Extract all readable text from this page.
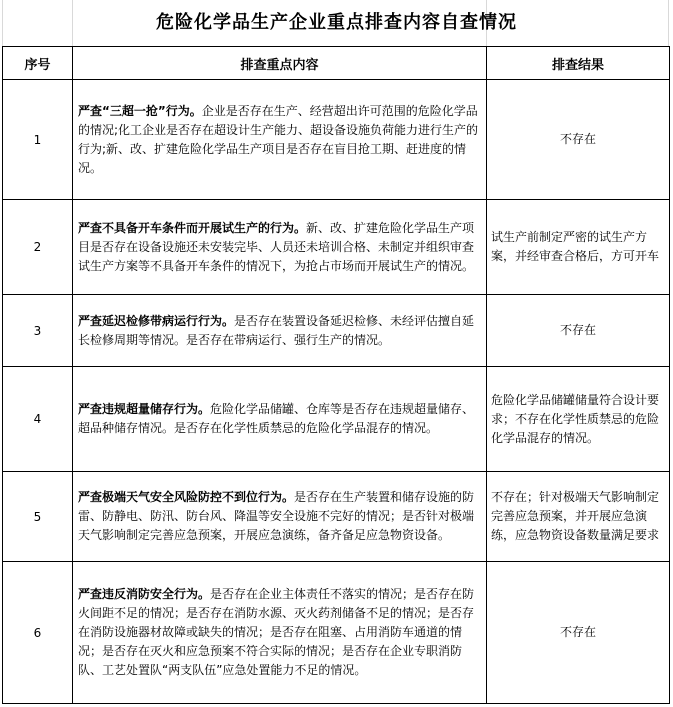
危险化学品生产企业重点排查内容自查情况
序号	排查重点内容	排查结果
1	严查“三超一抢”行为。企业是否存在生产、经营超出许可范围的危险化学品的情况;化工企业是否存在超设计生产能力、超设备设施负荷能力进行生产的行为;新、改、扩建危险化学品生产项目是否存在盲目抢工期、赶进度的情况。	不存在
2	严查不具备开车条件而开展试生产的行为。新、改、扩建危险化学品生产项目是否存在设备设施还未安装完毕、人员还未培训合格、未制定并组织审查试生产方案等不具备开车条件的情况下，为抢占市场而开展试生产的情况。	试生产前制定严密的试生产方案，并经审查合格后，方可开车
3	严查延迟检修带病运行行为。是否存在装置设备延迟检修、未经评估擅自延长检修周期等情况。是否存在带病运行、强行生产的情况。	不存在
4	严查违规超量储存行为。危险化学品储罐、仓库等是否存在违规超量储存、超品种储存情况。是否存在化学性质禁忌的危险化学品混存的情况。	危险化学品储罐储量符合设计要求；不存在化学性质禁忌的危险化学品混存的情况。
5	严查极端天气安全风险防控不到位行为。是否存在生产装置和储存设施的防雷、防静电、防汛、防台风、降温等安全设施不完好的情况；是否针对极端天气影响制定完善应急预案，开展应急演练，备齐备足应急物资设备。	不存在；针对极端天气影响制定完善应急预案，并开展应急演练，应急物资设备数量满足要求
6	严查违反消防安全行为。是否存在企业主体责任不落实的情况；是否存在防火间距不足的情况；是否存在消防水源、灭火药剂储备不足的情况；是否存在消防设施器材故障或缺失的情况；是否存在阻塞、占用消防车通道的情况；是否存在灭火和应急预案不符合实际的情况；是否存在企业专职消防队、工艺处置队“两支队伍”应急处置能力不足的情况。	不存在
